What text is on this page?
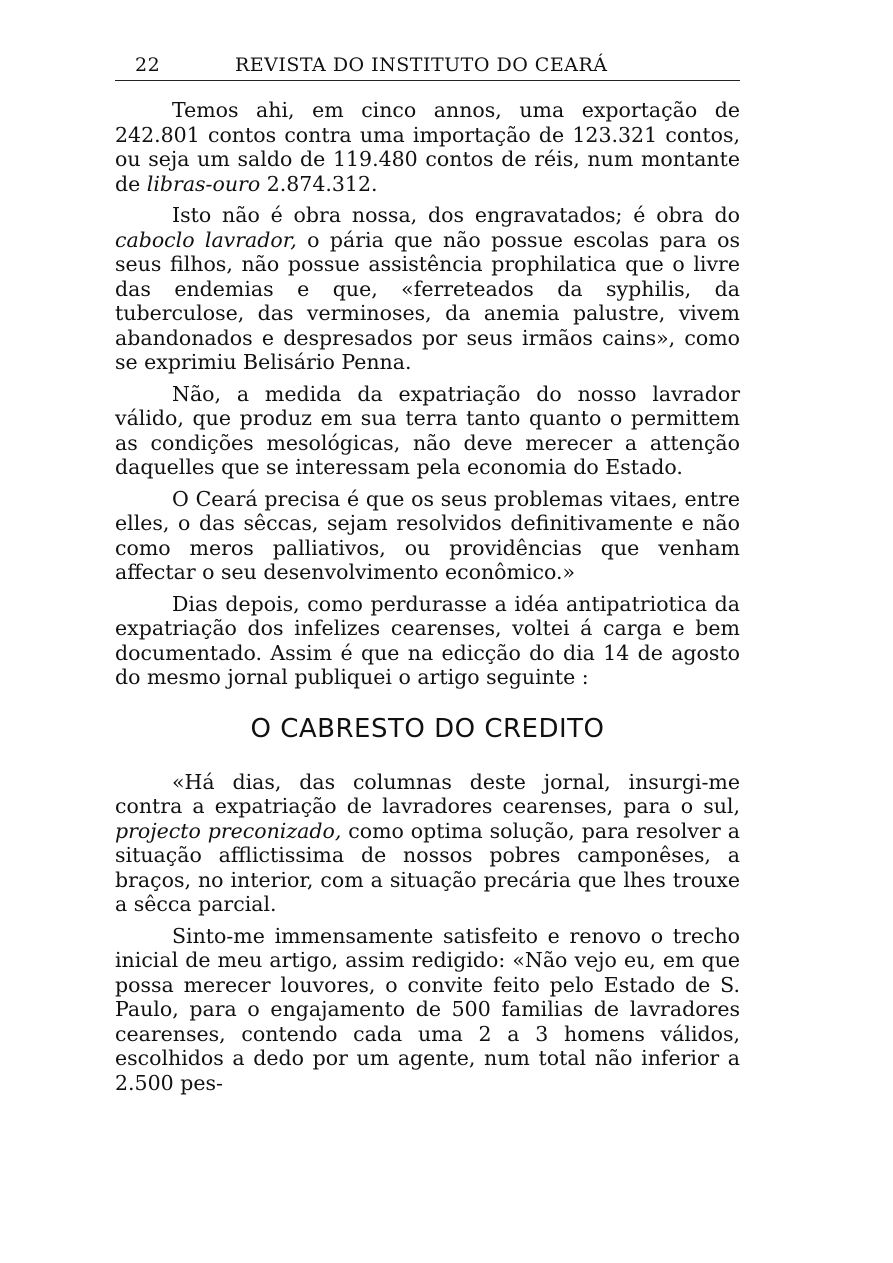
22	REVISTA DO INSTITUTO DO CEARÁ

Temos ahi, em cinco annos, uma exportação de 242.801 contos contra uma importação de 123.321 contos, ou seja um saldo de 119.480 contos de réis, num montante de libras-ouro 2.874.312.

Isto não é obra nossa, dos engravatados; é obra do caboclo lavrador, o pária que não possue escolas para os seus filhos, não possue assistência prophilatica que o livre das endemias e que, «ferreteados da syphilis, da tuberculose, das verminoses, da anemia palustre, vivem abandonados e despresados por seus irmãos cains», como se exprimiu Belisário Penna.

Não, a medida da expatriação do nosso lavrador válido, que produz em sua terra tanto quanto o permittem as condições mesológicas, não deve merecer a attenção daquelles que se interessam pela economia do Estado.

O Ceará precisa é que os seus problemas vitaes, entre elles, o das sêccas, sejam resolvidos definitivamente e não como meros palliativos, ou providências que venham affectar o seu desenvolvimento econômico.»

Dias depois, como perdurasse a idéa antipatriotica da expatriação dos infelizes cearenses, voltei á carga e bem documentado. Assim é que na edicção do dia 14 de agosto do mesmo jornal publiquei o artigo seguinte :

O CABRESTO DO CREDITO

«Há dias, das columnas deste jornal, insurgi-me contra a expatriação de lavradores cearenses, para o sul, projecto preconizado, como optima solução, para resolver a situação afflictissima de nossos pobres camponêses, a braços, no interior, com a situação precária que lhes trouxe a sêcca parcial.

Sinto-me immensamente satisfeito e renovo o trecho inicial de meu artigo, assim redigido: «Não vejo eu, em que possa merecer louvores, o convite feito pelo Estado de S. Paulo, para o engajamento de 500 familias de lavradores cearenses, contendo cada uma 2 a 3 homens válidos, escolhidos a dedo por um agente, num total não inferior a 2.500 pes-
